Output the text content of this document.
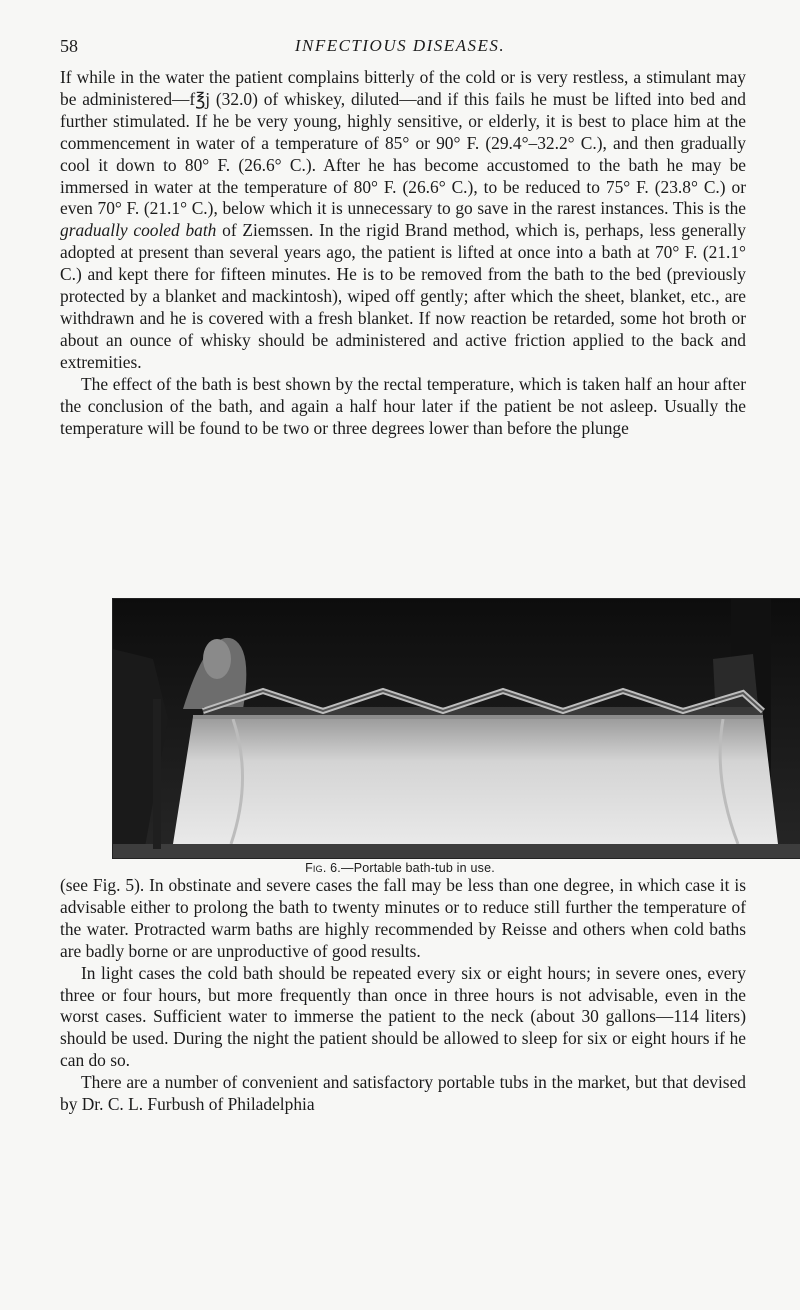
58	INFECTIOUS DISEASES.

If while in the water the patient complains bitterly of the cold or is very restless, a stimulant may be administered—f℥j (32.0) of whiskey, diluted—and if this fails he must be lifted into bed and further stimulated. If he be very young, highly sensitive, or elderly, it is best to place him at the commencement in water of a temperature of 85° or 90° F. (29.4°–32.2° C.), and then gradually cool it down to 80° F. (26.6° C.). After he has become accustomed to the bath he may be immersed in water at the temperature of 80° F. (26.6° C.), to be reduced to 75° F. (23.8° C.) or even 70° F. (21.1° C.), below which it is unnecessary to go save in the rarest instances. This is the gradually cooled bath of Ziemssen. In the rigid Brand method, which is, perhaps, less generally adopted at present than several years ago, the patient is lifted at once into a bath at 70° F. (21.1° C.) and kept there for fifteen minutes. He is to be removed from the bath to the bed (previously protected by a blanket and mackintosh), wiped off gently; after which the sheet, blanket, etc., are withdrawn and he is covered with a fresh blanket. If now reaction be retarded, some hot broth or about an ounce of whisky should be administered and active friction applied to the back and extremities.

The effect of the bath is best shown by the rectal temperature, which is taken half an hour after the conclusion of the bath, and again a half hour later if the patient be not asleep. Usually the temperature will be found to be two or three degrees lower than before the plunge

Fig. 6.—Portable bath-tub in use.

(see Fig. 5). In obstinate and severe cases the fall may be less than one degree, in which case it is advisable either to prolong the bath to twenty minutes or to reduce still further the temperature of the water. Protracted warm baths are highly recommended by Reisse and others when cold baths are badly borne or are unproductive of good results.

In light cases the cold bath should be repeated every six or eight hours; in severe ones, every three or four hours, but more frequently than once in three hours is not advisable, even in the worst cases. Sufficient water to immerse the patient to the neck (about 30 gallons—114 liters) should be used. During the night the patient should be allowed to sleep for six or eight hours if he can do so.

There are a number of convenient and satisfactory portable tubs in the market, but that devised by Dr. C. L. Furbush of Philadelphia
